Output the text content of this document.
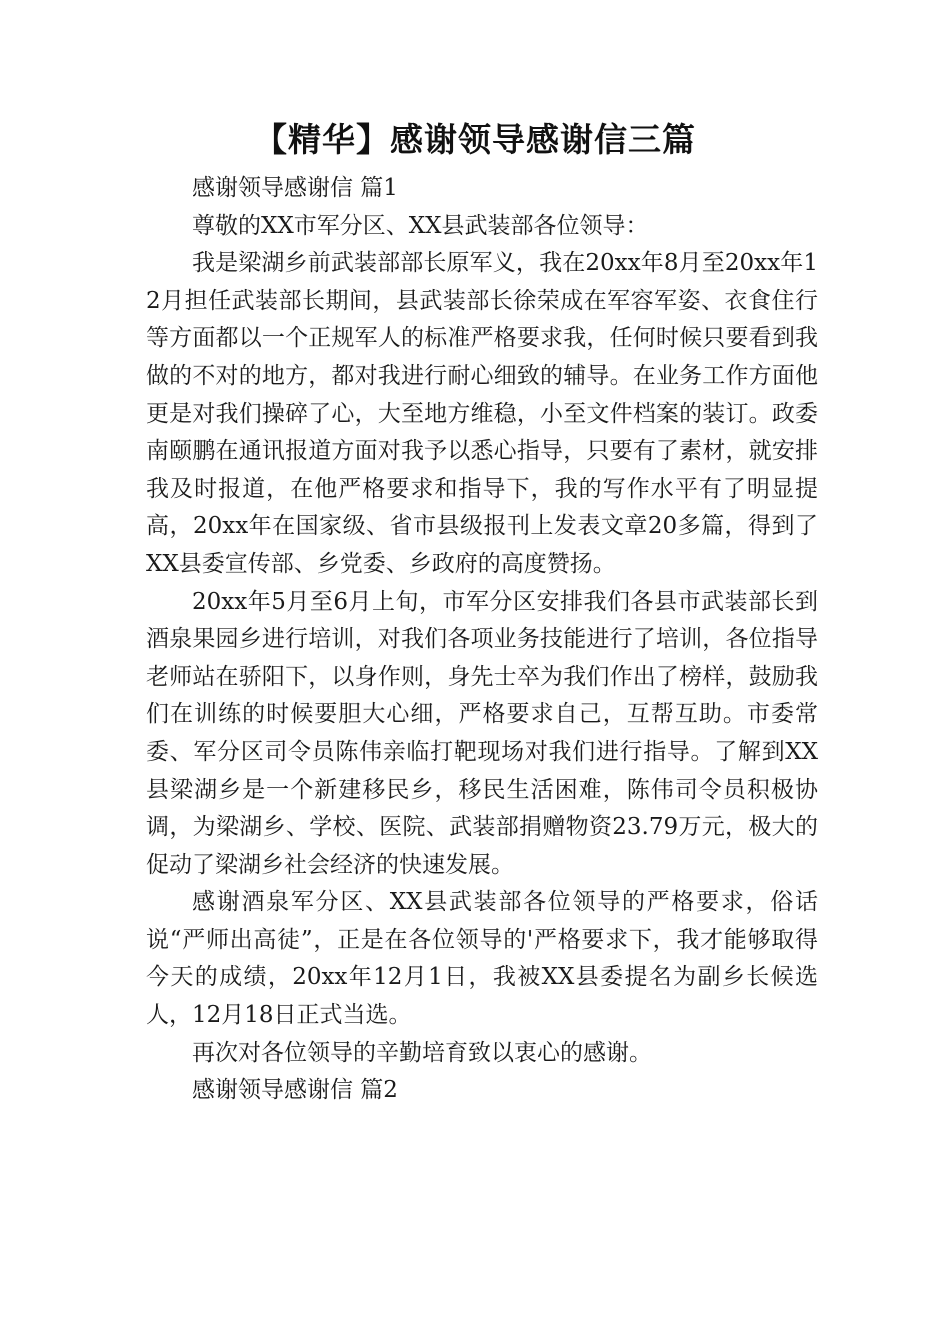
【精华】感谢领导感谢信三篇

感谢领导感谢信 篇1

尊敬的XX市军分区、XX县武装部各位领导：

我是梁湖乡前武装部部长原军义，我在20xx年8月至20xx年12月担任武装部长期间，县武装部长徐荣成在军容军姿、衣食住行等方面都以一个正规军人的标准严格要求我，任何时候只要看到我做的不对的地方，都对我进行耐心细致的辅导。在业务工作方面他更是对我们操碎了心，大至地方维稳，小至文件档案的装订。政委南颐鹏在通讯报道方面对我予以悉心指导，只要有了素材，就安排我及时报道，在他严格要求和指导下，我的写作水平有了明显提高，20xx年在国家级、省市县级报刊上发表文章20多篇，得到了XX县委宣传部、乡党委、乡政府的高度赞扬。

20xx年5月至6月上旬，市军分区安排我们各县市武装部长到酒泉果园乡进行培训，对我们各项业务技能进行了培训，各位指导老师站在骄阳下，以身作则，身先士卒为我们作出了榜样，鼓励我们在训练的时候要胆大心细，严格要求自己，互帮互助。市委常委、军分区司令员陈伟亲临打靶现场对我们进行指导。了解到XX县梁湖乡是一个新建移民乡，移民生活困难，陈伟司令员积极协调，为梁湖乡、学校、医院、武装部捐赠物资23.79万元，极大的促动了梁湖乡社会经济的快速发展。

感谢酒泉军分区、XX县武装部各位领导的严格要求，俗话说“严师出高徒”，正是在各位领导的'严格要求下，我才能够取得今天的成绩，20xx年12月1日，我被XX县委提名为副乡长候选人，12月18日正式当选。

再次对各位领导的辛勤培育致以衷心的感谢。

感谢领导感谢信 篇2
